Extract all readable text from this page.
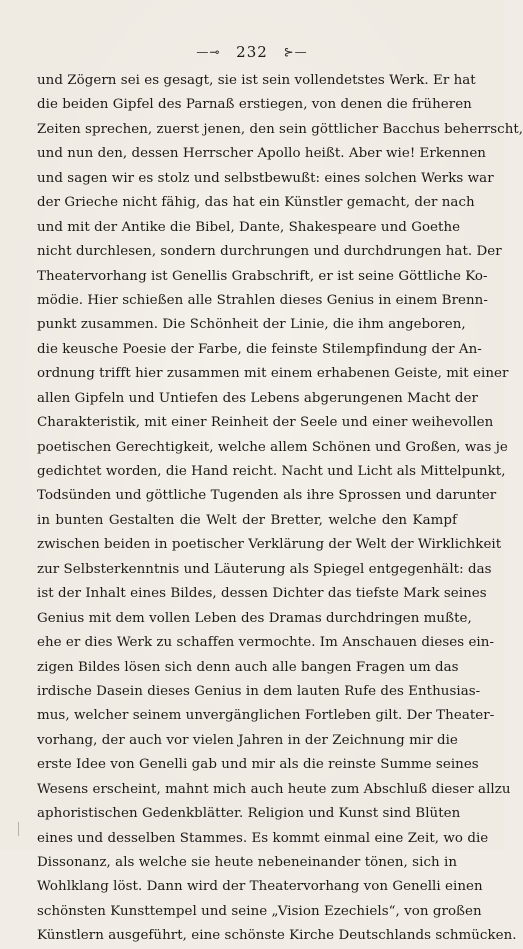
—⊸ 232 ⊱—
und Zögern sei es gesagt, sie ist sein vollendetstes Werk. Er hat
die beiden Gipfel des Parnaß erstiegen, von denen die früheren
Zeiten sprechen, zuerst jenen, den sein göttlicher Bacchus beherrscht,
und nun den, dessen Herrscher Apollo heißt. Aber wie! Erkennen
und sagen wir es stolz und selbstbewußt: eines solchen Werks war
der Grieche nicht fähig, das hat ein Künstler gemacht, der nach
und mit der Antike die Bibel, Dante, Shakespeare und Goethe
nicht durchlesen, sondern durchrungen und durchdrungen hat. Der
Theatervorhang ist Genellis Grabschrift, er ist seine Göttliche Ko-
mödie. Hier schießen alle Strahlen dieses Genius in einem Brenn-
punkt zusammen. Die Schönheit der Linie, die ihm angeboren,
die keusche Poesie der Farbe, die feinste Stilempfindung der An-
ordnung trifft hier zusammen mit einem erhabenen Geiste, mit einer
allen Gipfeln und Untiefen des Lebens abgerungenen Macht der
Charakteristik, mit einer Reinheit der Seele und einer weihevollen
poetischen Gerechtigkeit, welche allem Schönen und Großen, was je
gedichtet worden, die Hand reicht. Nacht und Licht als Mittelpunkt,
Todsünden und göttliche Tugenden als ihre Sprossen und darunter
in bunten Gestalten die Welt der Bretter, welche den Kampf
zwischen beiden in poetischer Verklärung der Welt der Wirklichkeit
zur Selbsterkenntnis und Läuterung als Spiegel entgegenhält: das
ist der Inhalt eines Bildes, dessen Dichter das tiefste Mark seines
Genius mit dem vollen Leben des Dramas durchdringen mußte,
ehe er dies Werk zu schaffen vermochte. Im Anschauen dieses ein-
zigen Bildes lösen sich denn auch alle bangen Fragen um das
irdische Dasein dieses Genius in dem lauten Rufe des Enthusias-
mus, welcher seinem unvergänglichen Fortleben gilt. Der Theater-
vorhang, der auch vor vielen Jahren in der Zeichnung mir die
erste Idee von Genelli gab und mir als die reinste Summe seines
Wesens erscheint, mahnt mich auch heute zum Abschluß dieser allzu
aphoristischen Gedenkblätter. Religion und Kunst sind Blüten
eines und desselben Stammes. Es kommt einmal eine Zeit, wo die
Dissonanz, als welche sie heute nebeneinander tönen, sich in
Wohlklang löst. Dann wird der Theatervorhang von Genelli einen
schönsten Kunsttempel und seine „Vision Ezechiels“, von großen
Künstlern ausgeführt, eine schönste Kirche Deutschlands schmücken.
